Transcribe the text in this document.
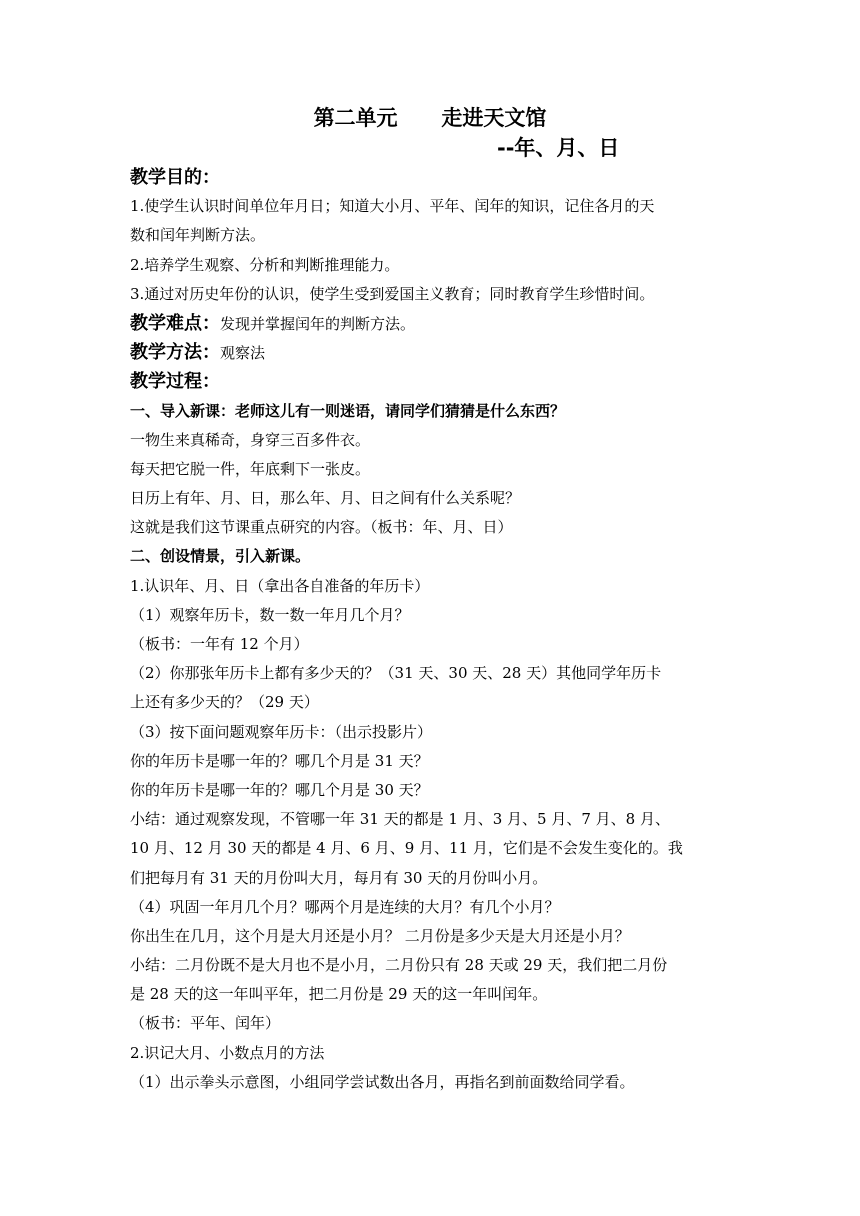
第二单元      走进天文馆
--年、月、日
教学目的：
1.使学生认识时间单位年月日；知道大小月、平年、闰年的知识，记住各月的天
数和闰年判断方法。
2.培养学生观察、分析和判断推理能力。
3.通过对历史年份的认识，使学生受到爱国主义教育；同时教育学生珍惜时间。
教学难点：发现并掌握闰年的判断方法。
教学方法：观察法
教学过程：
一、导入新课：老师这儿有一则迷语，请同学们猜猜是什么东西？
一物生来真稀奇，身穿三百多件衣。
每天把它脱一件，年底剩下一张皮。
日历上有年、月、日，那么年、月、日之间有什么关系呢？
这就是我们这节课重点研究的内容。（板书：年、月、日）
二、创设情景，引入新课。
1.认识年、月、日（拿出各自准备的年历卡）
（1）观察年历卡，数一数一年月几个月？
（板书：一年有 12 个月）
（2）你那张年历卡上都有多少天的？（31 天、30 天、28 天）其他同学年历卡
上还有多少天的？（29 天）
（3）按下面问题观察年历卡：（出示投影片）
你的年历卡是哪一年的？哪几个月是 31 天？
你的年历卡是哪一年的？哪几个月是 30 天？
小结：通过观察发现，不管哪一年 31 天的都是 1 月、3 月、5 月、7 月、8 月、
10 月、12 月 30 天的都是 4 月、6 月、9 月、11 月，它们是不会发生变化的。我
们把每月有 31 天的月份叫大月，每月有 30 天的月份叫小月。
（4）巩固一年月几个月？哪两个月是连续的大月？有几个小月？
你出生在几月，这个月是大月还是小月？ 二月份是多少天是大月还是小月？
小结：二月份既不是大月也不是小月，二月份只有 28 天或 29 天，我们把二月份
是 28 天的这一年叫平年，把二月份是 29 天的这一年叫闰年。
（板书：平年、闰年）
2.识记大月、小数点月的方法
（1）出示拳头示意图，小组同学尝试数出各月，再指名到前面数给同学看。
